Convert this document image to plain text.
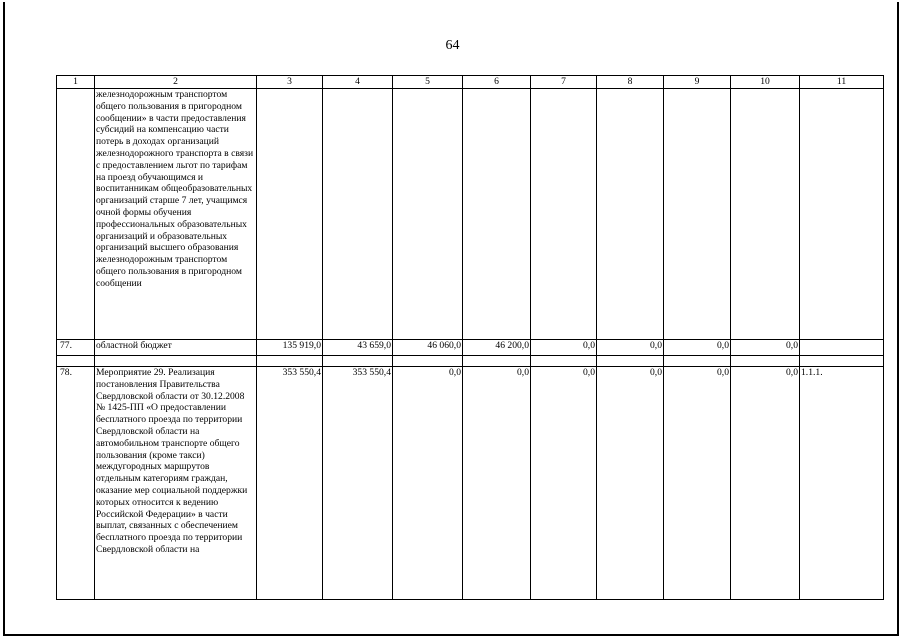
64
1	2	3	4	5	6	7	8	9	10	11
	железнодорожным транспортом общего пользования в пригородном сообщении» в части предоставления субсидий на компенсацию части потерь в доходах организаций железнодорожного транспорта в связи с предоставлением льгот по тарифам на проезд обучающимся и воспитанникам общеобразовательных организаций старше 7 лет, учащимся очной формы обучения профессиональных образовательных организаций и образовательных организаций высшего образования железнодорожным транспортом общего пользования в пригородном сообщении									
77.	областной бюджет	135 919,0	43 659,0	46 060,0	46 200,0	0,0	0,0	0,0	0,0	

78.	Мероприятие 29. Реализация постановления Правительства Свердловской области от 30.12.2008 № 1425-ПП «О предоставлении бесплатного проезда по территории Свердловской области на автомобильном транспорте общего пользования (кроме такси) междугородных маршрутов отдельным категориям граждан, оказание мер социальной поддержки которых относится к ведению Российской Федерации» в части выплат, связанных с обеспечением бесплатного проезда по территории Свердловской области на	353 550,4	353 550,4	0,0	0,0	0,0	0,0	0,0	0,0	1.1.1.
